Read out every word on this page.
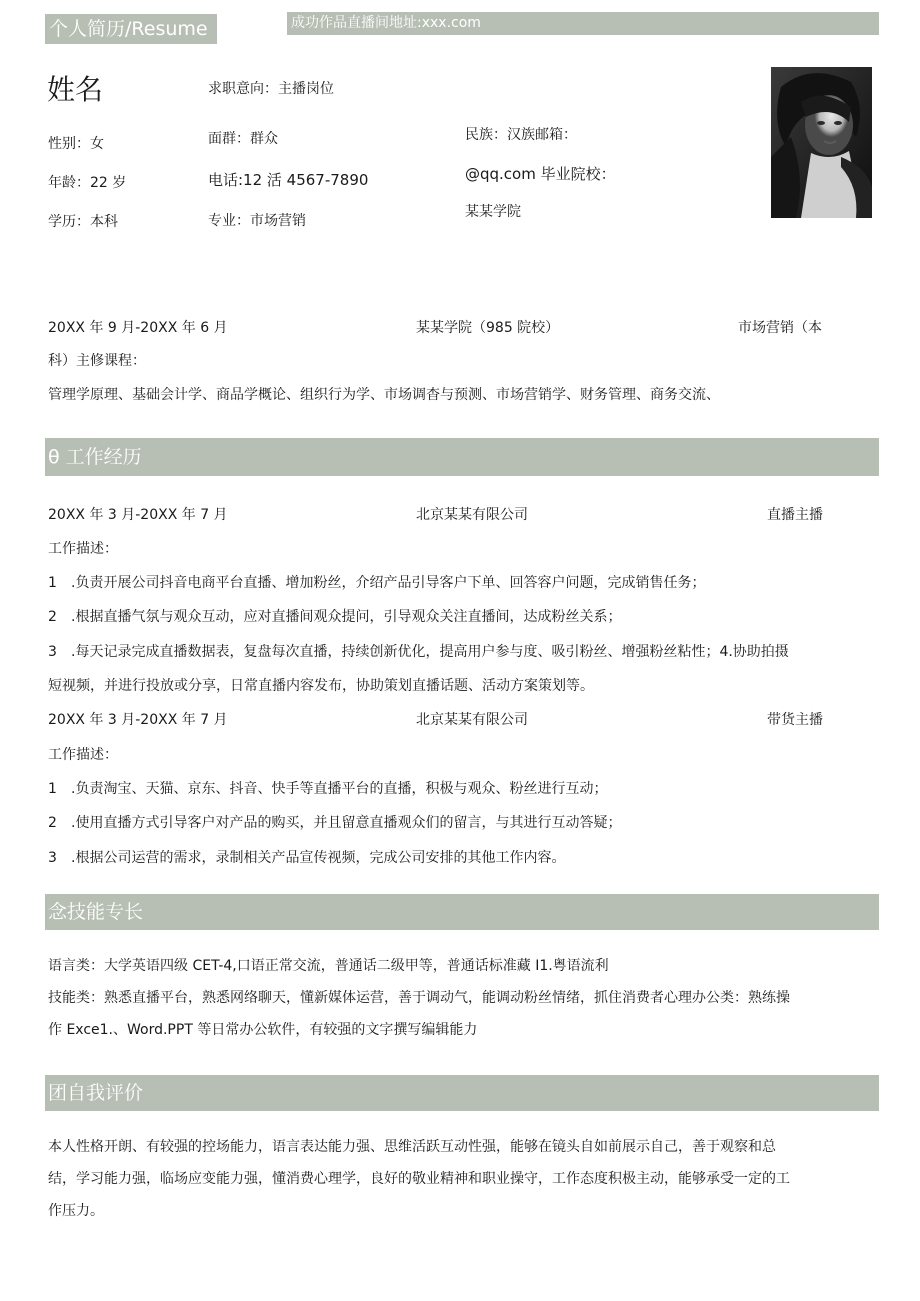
个人简历/Resume	成功作品直播间地址:xxx.com
姓名	求职意向：主播岗位
性别：女	面群：群众	民族：汉族邮箱：
年龄：22 岁	电话:12 活 4567-7890	@qq.com 毕业院校：
学历：本科	专业：市场营销
某某学院
20XX 年 9 月-20XX 年 6 月	某某学院（985 院校）	市场营销（本
科）主修课程：
管理学原理、基础会计学、商品学概论、组织行为学、市场调杳与预测、市场营销学、财务管理、商务交流、
θ 工作经历
20XX 年 3 月-20XX 年 7 月	北京某某有限公司	直播主播
工作描述：
1 .负责开展公司抖音电商平台直播、增加粉丝，介绍产品引导客户下单、回答容户问题，完成销售任务；
2 .根据直播气氛与观众互动，应对直播间观众提问，引导观众关注直播间，达成粉丝关系；
3 .每天记录完成直播数据表，复盘每次直播，持续创新优化，提高用户参与度、吸引粉丝、增强粉丝粘性；4.协助拍摄
短视频，并进行投放或分享，日常直播内容发布，协助策划直播话题、活动方案策划等。
20XX 年 3 月-20XX 年 7 月	北京某某有限公司	带货主播
工作描述：
1 .负责淘宝、天猫、京东、抖音、快手等直播平台的直播，积极与观众、粉丝进行互动；
2 .使用直播方式引导客户对产品的购买，并且留意直播观众们的留言，与其进行互动答疑；
3 .根据公司运营的需求，录制相关产品宣传视频，完成公司安排的其他工作内容。
念技能专长
语言类：大学英语四级 CET-4,口语正常交流，普通话二级甲等，普通话标准藏 I1.粤语流利
技能类：熟悉直播平台，熟悉网络聊天，懂新媒体运营，善于调动气，能调动粉丝情绪，抓住消费者心理办公类：熟练操
作 Exce1.、Word.PPT 等日常办公软件，有较强的文字撰写编辑能力
团自我评价
本人性格开朗、有较强的控场能力，语言表达能力强、思维活跃互动性强，能够在镜头自如前展示自己，善于观察和总
结，学习能力强，临场应变能力强，懂消费心理学，良好的敬业精神和职业操守，工作态度积极主动，能够承受一定的工
作压力。
